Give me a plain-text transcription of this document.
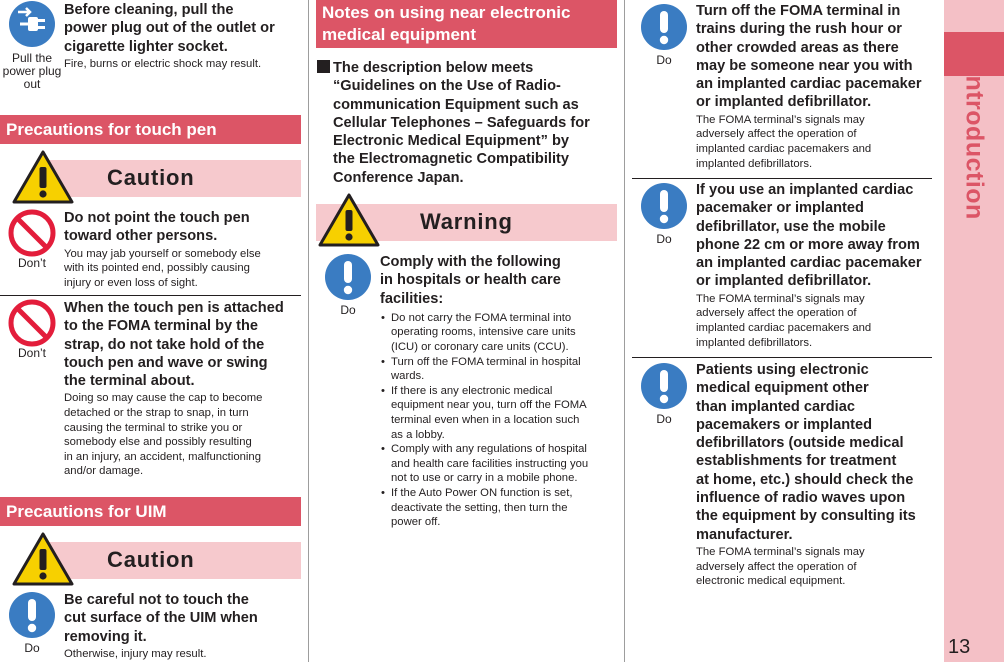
Introduction
13
Pull the
power plug
out
Before cleaning, pull the
power plug out of the outlet or
cigarette lighter socket.
Fire, burns or electric shock may result.
Precautions for touch pen
Caution
Don’t
Do not point the touch pen
toward other persons.
You may jab yourself or somebody else
with its pointed end, possibly causing
injury or even loss of sight.
Don’t
When the touch pen is attached
to the FOMA terminal by the
strap, do not take hold of the
touch pen and wave or swing
the terminal about.
Doing so may cause the cap to become
detached or the strap to snap, in turn
causing the terminal to strike you or
somebody else and possibly resulting
in an injury, an accident, malfunctioning
and/or damage.
Precautions for UIM
Caution
Do
Be careful not to touch the
cut surface of the UIM when
removing it.
Otherwise, injury may result.
Notes on using near electronic
medical equipment
The description below meets
“Guidelines on the Use of Radio-
communication Equipment such as
Cellular Telephones – Safeguards for
Electronic Medical Equipment” by
the Electromagnetic Compatibility
Conference Japan.
Warning
Do
Comply with the following
in hospitals or health care
facilities:
• Do not carry the FOMA terminal into
operating rooms, intensive care units
(ICU) or coronary care units (CCU).
• Turn off the FOMA terminal in hospital
wards.
• If there is any electronic medical
equipment near you, turn off the FOMA
terminal even when in a location such
as a lobby.
• Comply with any regulations of hospital
and health care facilities instructing you
not to use or carry in a mobile phone.
• If the Auto Power ON function is set,
deactivate the setting, then turn the
power off.
Do
Turn off the FOMA terminal in
trains during the rush hour or
other crowded areas as there
may be someone near you with
an implanted cardiac pacemaker
or implanted defibrillator.
The FOMA terminal’s signals may
adversely affect the operation of
implanted cardiac pacemakers and
implanted defibrillators.
Do
If you use an implanted cardiac
pacemaker or implanted
defibrillator, use the mobile
phone 22 cm or more away from
an implanted cardiac pacemaker
or implanted defibrillator.
The FOMA terminal’s signals may
adversely affect the operation of
implanted cardiac pacemakers and
implanted defibrillators.
Do
Patients using electronic
medical equipment other
than implanted cardiac
pacemakers or implanted
defibrillators (outside medical
establishments for treatment
at home, etc.) should check the
influence of radio waves upon
the equipment by consulting its
manufacturer.
The FOMA terminal’s signals may
adversely affect the operation of
electronic medical equipment.
